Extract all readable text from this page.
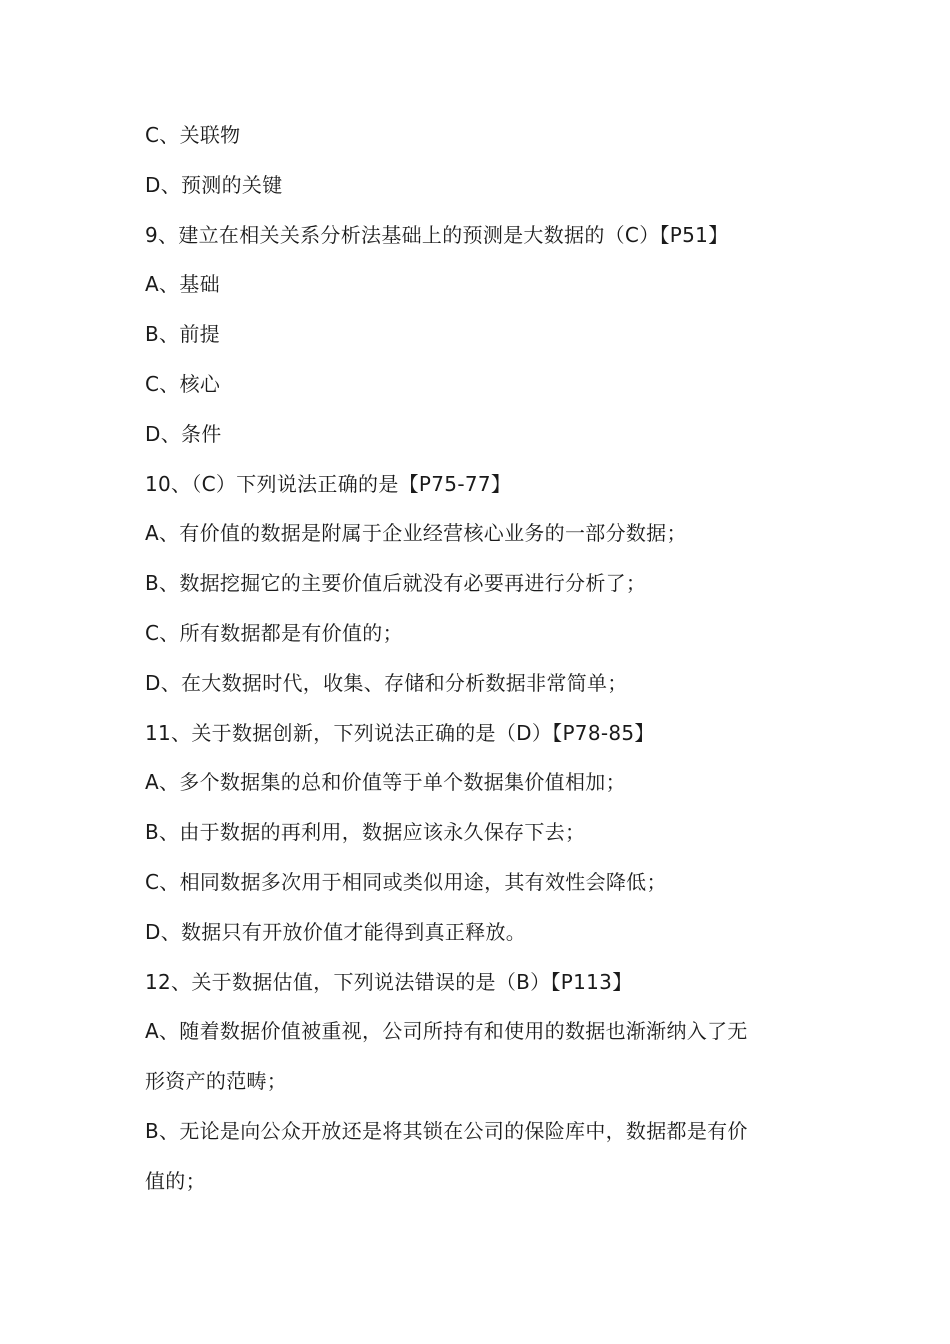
C、关联物
D、预测的关键
9、建立在相关关系分析法基础上的预测是大数据的（C）【P51】
A、基础
B、前提
C、核心
D、条件
10、（C）下列说法正确的是【P75-77】
A、有价值的数据是附属于企业经营核心业务的一部分数据；
B、数据挖掘它的主要价值后就没有必要再进行分析了；
C、所有数据都是有价值的；
D、在大数据时代，收集、存储和分析数据非常简单；
11、关于数据创新，下列说法正确的是（D）【P78-85】
A、多个数据集的总和价值等于单个数据集价值相加；
B、由于数据的再利用，数据应该永久保存下去；
C、相同数据多次用于相同或类似用途，其有效性会降低；
D、数据只有开放价值才能得到真正释放。
12、关于数据估值，下列说法错误的是（B）【P113】
A、随着数据价值被重视，公司所持有和使用的数据也渐渐纳入了无
形资产的范畴；
B、无论是向公众开放还是将其锁在公司的保险库中，数据都是有价
值的；
